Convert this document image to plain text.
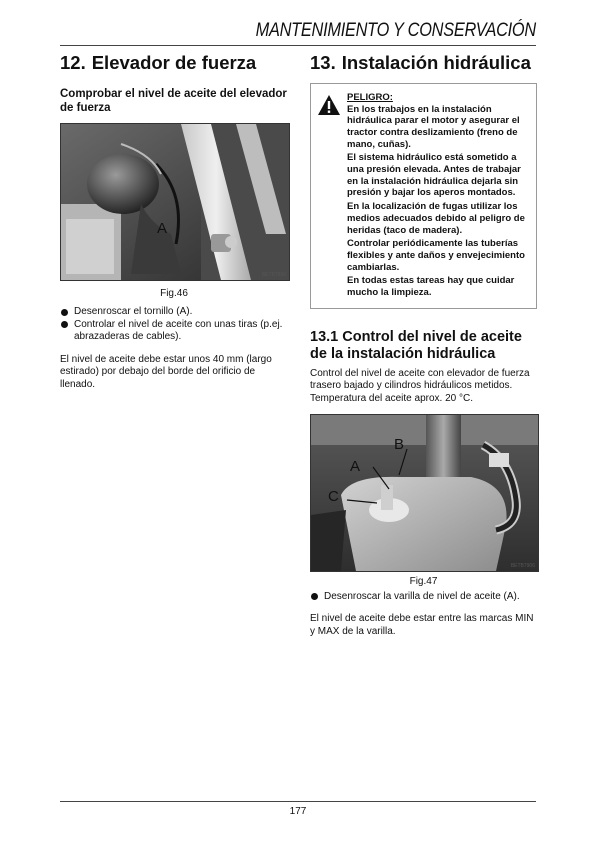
MANTENIMIENTO Y CONSERVACIÓN
12. Elevador de fuerza
Comprobar el nivel de aceite del elevador de fuerza
A
BETB7898
Fig.46
Desenroscar el tornillo (A).
Controlar el nivel de aceite con unas tiras (p.ej. abrazaderas de cables).

El nivel de aceite debe estar unos 40 mm (largo estirado) por debajo del borde del orificio de llenado.

13. Instalación hidráulica
PELIGRO:
En los trabajos en la instalación hidráulica parar el motor y asegurar el tractor contra deslizamiento (freno de mano, cuñas).
El sistema hidráulico está sometido a una presión elevada. Antes de trabajar en la instalación hidráulica dejarla sin presión y bajar los aperos montados.
En la localización de fugas utilizar los medios adecuados debido al peligro de heridas (taco de madera).
Controlar periódicamente las tuberías flexibles y ante daños y envejecimiento cambiarlas.
En todas estas tareas hay que cuidar mucho la limpieza.
13.1 Control del nivel de aceite de la instalación hidráulica

Control del nivel de aceite con elevador de fuerza trasero bajado y cilindros hidráulicos metidos. Temperatura del aceite aprox. 20 °C.

B
A
C
BETB7906
Fig.47
Desenroscar la varilla de nivel de aceite (A).

El nivel de aceite debe estar entre las marcas MIN y MAX de la varilla.

177
